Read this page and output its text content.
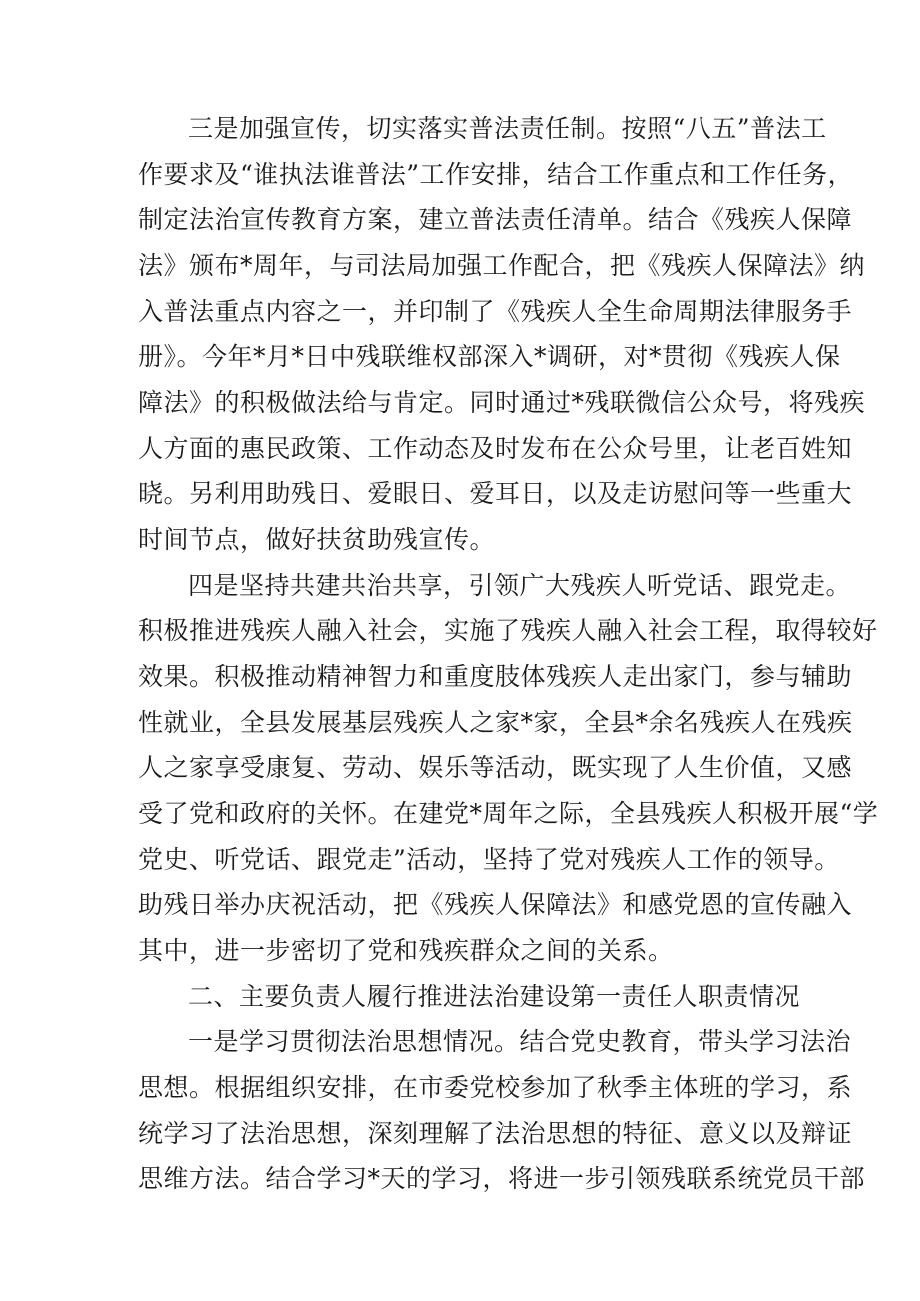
三是加强宣传，切实落实普法责任制。按照“八五”普法工
作要求及“谁执法谁普法”工作安排，结合工作重点和工作任务，
制定法治宣传教育方案，建立普法责任清单。结合《残疾人保障
法》颁布*周年，与司法局加强工作配合，把《残疾人保障法》纳
入普法重点内容之一，并印制了《残疾人全生命周期法律服务手
册》。今年*月*日中残联维权部深入*调研，对*贯彻《残疾人保
障法》的积极做法给与肯定。同时通过*残联微信公众号，将残疾
人方面的惠民政策、工作动态及时发布在公众号里，让老百姓知
晓。另利用助残日、爱眼日、爱耳日，以及走访慰问等一些重大
时间节点，做好扶贫助残宣传。
四是坚持共建共治共享，引领广大残疾人听党话、跟党走。
积极推进残疾人融入社会，实施了残疾人融入社会工程，取得较好
效果。积极推动精神智力和重度肢体残疾人走出家门，参与辅助
性就业，全县发展基层残疾人之家*家，全县*余名残疾人在残疾
人之家享受康复、劳动、娱乐等活动，既实现了人生价值，又感
受了党和政府的关怀。在建党*周年之际，全县残疾人积极开展“学
党史、听党话、跟党走”活动，坚持了党对残疾人工作的领导。
助残日举办庆祝活动，把《残疾人保障法》和感党恩的宣传融入
其中，进一步密切了党和残疾群众之间的关系。
二、主要负责人履行推进法治建设第一责任人职责情况
一是学习贯彻法治思想情况。结合党史教育，带头学习法治
思想。根据组织安排，在市委党校参加了秋季主体班的学习，系
统学习了法治思想，深刻理解了法治思想的特征、意义以及辩证
思维方法。结合学习*天的学习，将进一步引领残联系统党员干部
